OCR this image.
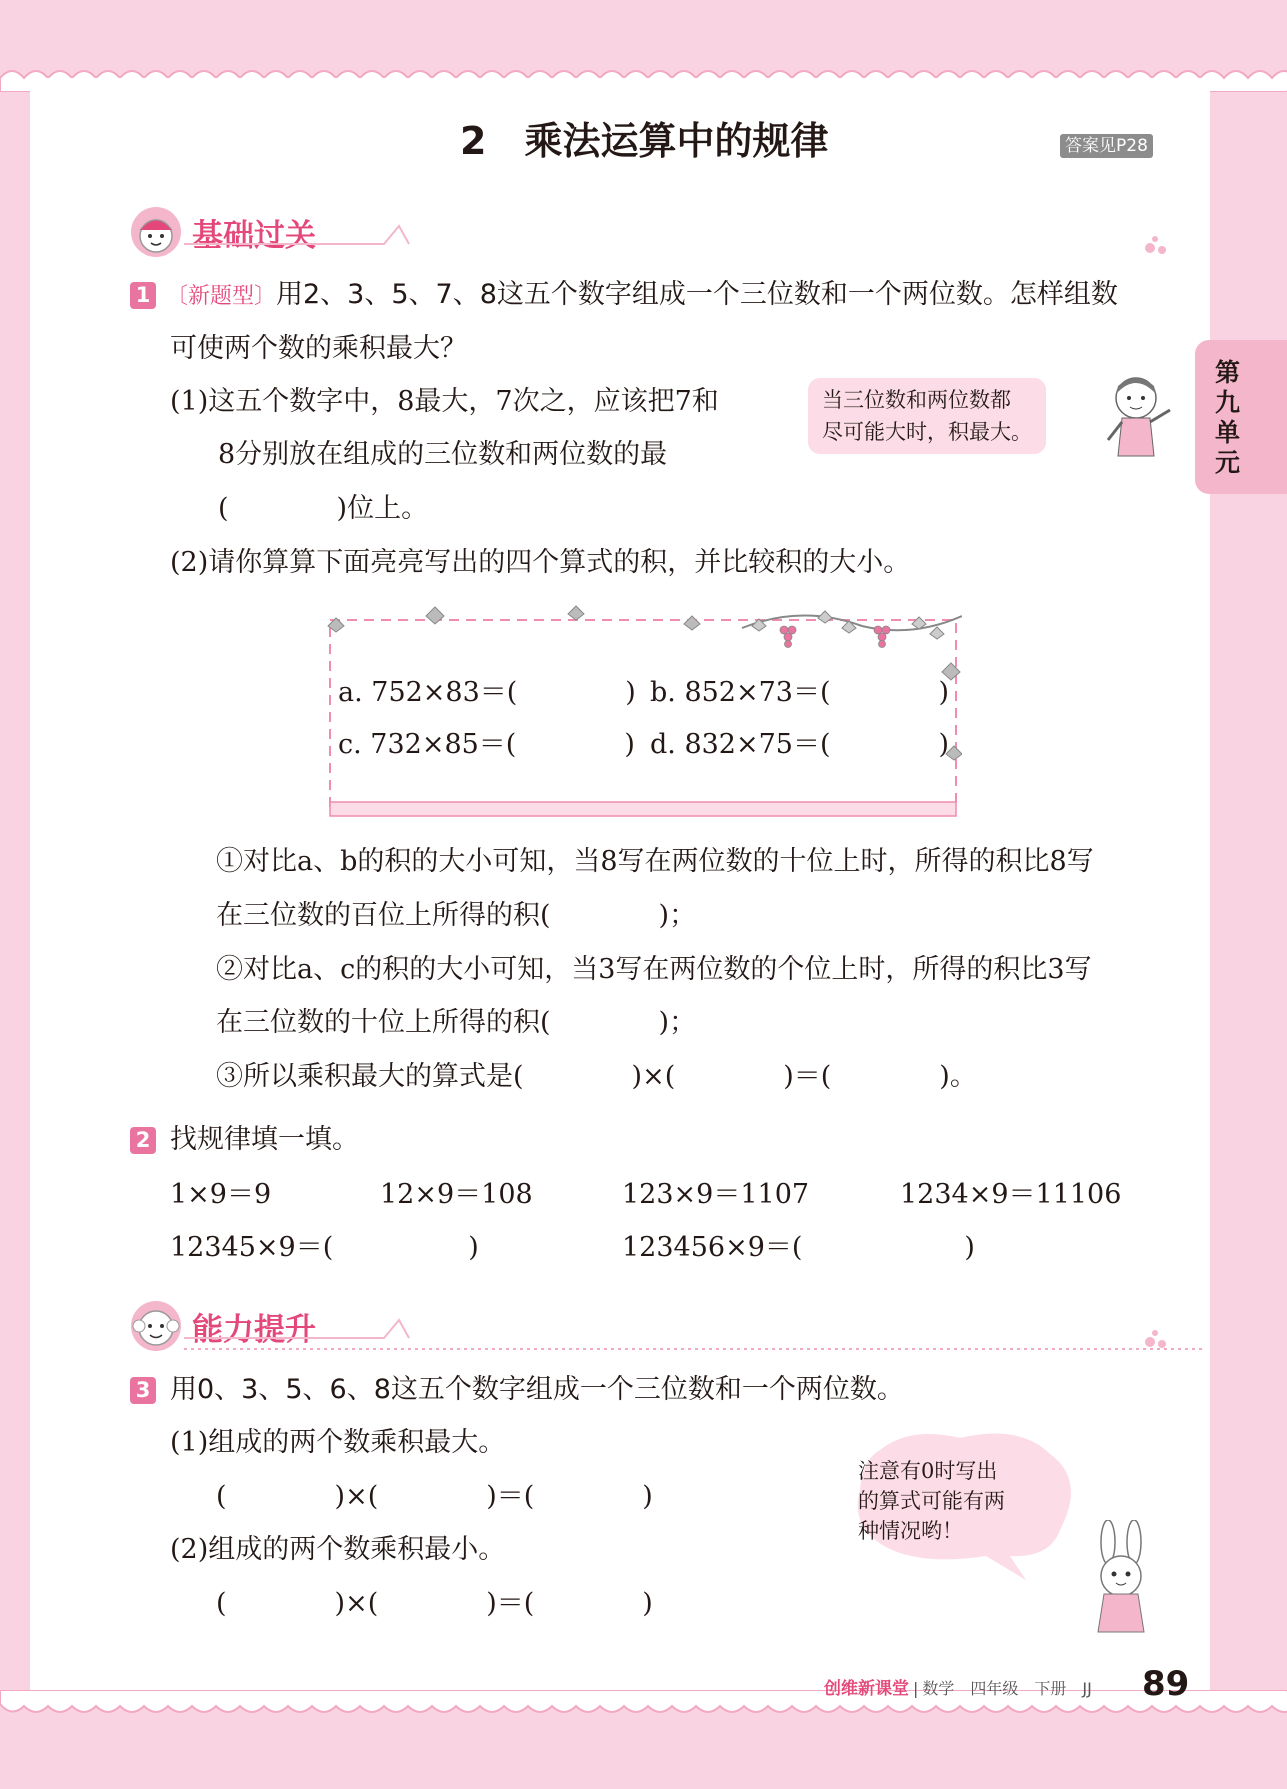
第九单元
2　乘法运算中的规律	答案见P28
基础过关
1 〔新题型〕 用2、3、5、7、8这五个数字组成一个三位数和一个两位数。怎样组数
可使两个数的乘积最大？
(1)这五个数字中，8最大，7次之，应该把7和
8分别放在组成的三位数和两位数的最
(　　　　)位上。
当三位数和两位数都
尽可能大时，积最大。
(2)请你算算下面亮亮写出的四个算式的积，并比较积的大小。
a. 752×83＝(　　　　) b. 852×73＝(　　　　)
c. 732×85＝(　　　　) d. 832×75＝(　　　　)
①对比a、b的积的大小可知，当8写在两位数的十位上时，所得的积比8写
在三位数的百位上所得的积(　　　　)；
②对比a、c的积的大小可知，当3写在两位数的个位上时，所得的积比3写
在三位数的十位上所得的积(　　　　)；
③所以乘积最大的算式是(　　　　)×(　　　　)＝(　　　　)。
2 找规律填一填。
1×9＝9	12×9＝108	123×9＝1107	1234×9＝11106
12345×9＝(　　　　　)	123456×9＝(　　　　　　)
能力提升
3 用0、3、5、6、8这五个数字组成一个三位数和一个两位数。
(1)组成的两个数乘积最大。
(　　　　)×(　　　　)＝(　　　　)
(2)组成的两个数乘积最小。
(　　　　)×(　　　　)＝(　　　　)
注意有0时写出
的算式可能有两
种情况哟！
创维新课堂 | 数学　四年级　下册　JJ 89
